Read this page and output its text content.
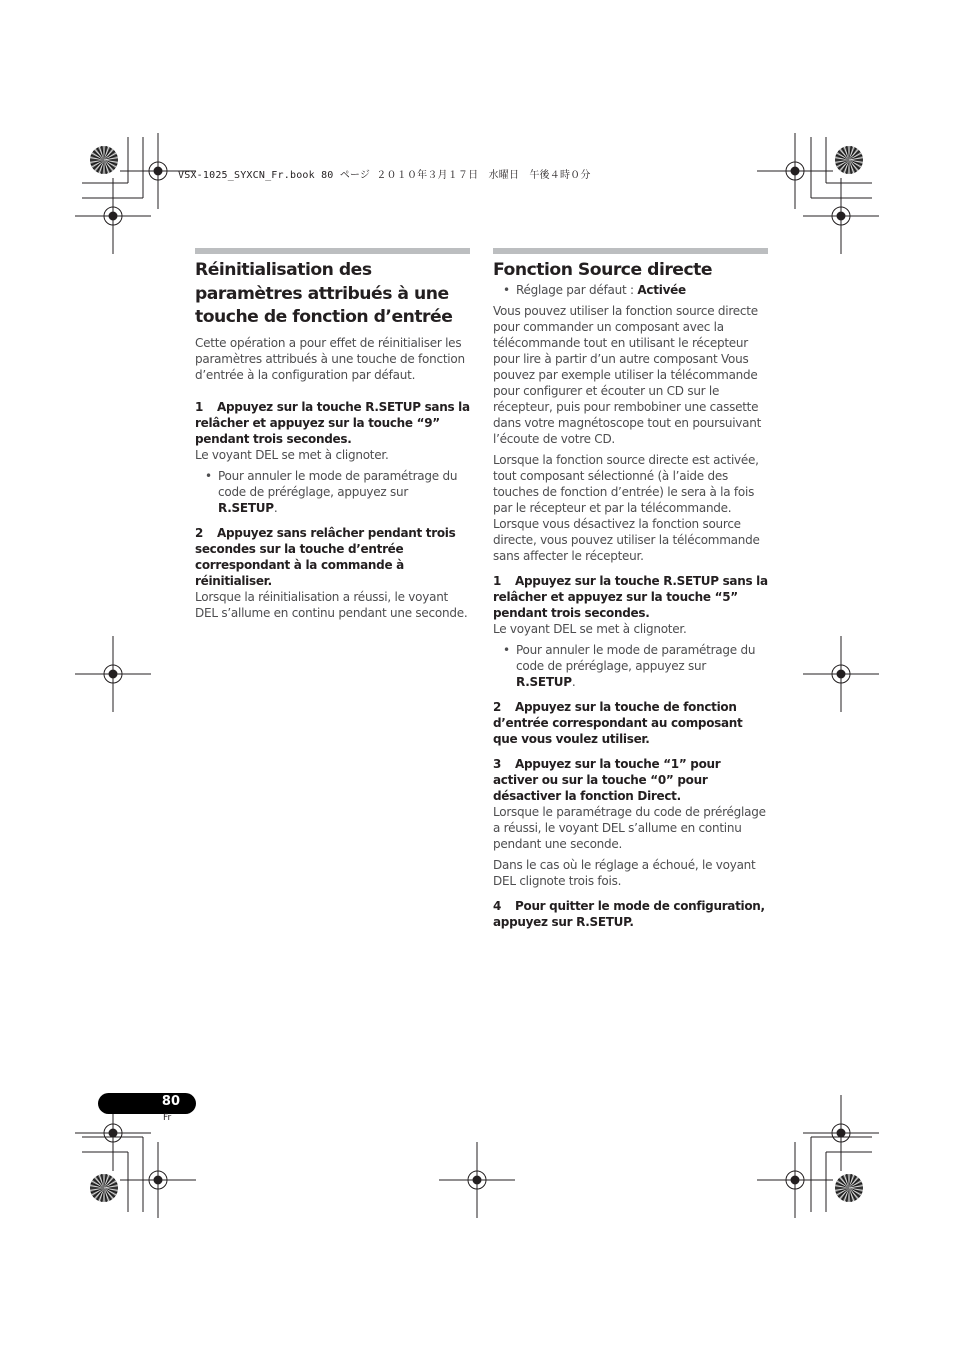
VSX-1025_SYXCN_Fr.book 80 ページ ２０１０年３月１７日　水曜日　午後４時０分
Réinitialisation des paramètres attribués à une touche de fonction d’entrée

Cette opération a pour effet de réinitialiser les paramètres attribués à une touche de fonction d’entrée à la configuration par défaut.

1 Appuyez sur la touche R.SETUP sans la relâcher et appuyez sur la touche “9” pendant trois secondes.

Le voyant DEL se met à clignoter.

• Pour annuler le mode de paramétrage du code de préréglage, appuyez sur R.SETUP.

2 Appuyez sans relâcher pendant trois secondes sur la touche d’entrée correspondant à la commande à réinitialiser.

Lorsque la réinitialisation a réussi, le voyant DEL s’allume en continu pendant une seconde.

Fonction Source directe
• Réglage par défaut : Activée

Vous pouvez utiliser la fonction source directe pour commander un composant avec la télécommande tout en utilisant le récepteur pour lire à partir d’un autre composant Vous pouvez par exemple utiliser la télécommande pour configurer et écouter un CD sur le récepteur, puis pour rembobiner une cassette dans votre magnétoscope tout en poursuivant l’écoute de votre CD.

Lorsque la fonction source directe est activée, tout composant sélectionné (à l’aide des touches de fonction d’entrée) le sera à la fois par le récepteur et par la télécommande. Lorsque vous désactivez la fonction source directe, vous pouvez utiliser la télécommande sans affecter le récepteur.

1 Appuyez sur la touche R.SETUP sans la relâcher et appuyez sur la touche “5” pendant trois secondes.

Le voyant DEL se met à clignoter.

• Pour annuler le mode de paramétrage du code de préréglage, appuyez sur R.SETUP.

2 Appuyez sur la touche de fonction d’entrée correspondant au composant que vous voulez utiliser.

3 Appuyez sur la touche “1” pour activer ou sur la touche “0” pour désactiver la fonction Direct.

Lorsque le paramétrage du code de préréglage a réussi, le voyant DEL s’allume en continu pendant une seconde.

Dans le cas où le réglage a échoué, le voyant DEL clignote trois fois.

4 Pour quitter le mode de configuration, appuyez sur R.SETUP.

80
Fr
